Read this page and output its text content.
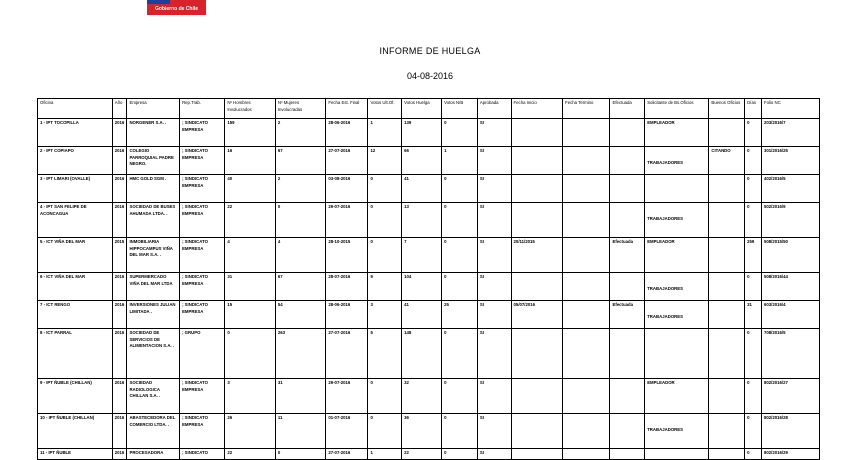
Gobierno de Chile
INFORME DE HUELGA
04-08-2016
Oficina	Año	Empresa	Rep.Trab.	Nº Hombres Involucrados	Nº Mujeres Involucradas	Fecha Est. Final	Votos Ult.Of.	Votos Huelga	Votos N/B	Aprobada	Fecha Inicio	Fecha Termino	Efectuada	Solicitante de Bs.Oficios	Buenos Oficios	Días	Folio NC
1 - IPT TOCOPILLA	2016	NORGENER S.A. .	; SINDICATO EMPRESA	159	2	28-06-2016	1	139	0	SI				EMPLEADOR		0	203/2016/7
2 - IPT COPIAPO	2016	COLEGIO PARROQUIAL PADRE NEGRO.	; SINDICATO EMPRESA	16	67	27-07-2016	12	66	1	SI				TRABAJADORES	CITANDO	0	301/2016/25
3 - IPT LIMARI (OVALLE)	2016	HMC GOLD SGM .	; SINDICATO EMPRESA	40	2	03-08-2016	0	41	0	SI						0	402/2016/5
4 - IPT SAN FELIPE DE ACONCAGUA	2016	SOCIEDAD DE BUSES AHUMADA LTDA. .	; SINDICATO EMPRESA	22	0	29-07-2016	0	13	0	SI				TRABAJADORES		0	502/2016/9
5 - ICT VIÑA DEL MAR	2015	INMOBILIARIA HIPPOCAMPUS VIÑA DEL MAR S.A. .	; SINDICATO EMPRESA	4	4	28-10-2015	0	7	0	SI	20/11/2015		Efectuada	EMPLEADOR		259	508/2015/50
6 - ICT VIÑA DEL MAR	2016	SUPERMERCADO VIÑA DEL MAR LTDA	; SINDICATO EMPRESA	31	67	28-07-2016	9	104	0	SI				TRABAJADORES		0	508/2016/44
7 - ICT RENGO	2016	INVERSIONES JULIAN LIMITADA .	; SINDICATO EMPRESA	15	54	28-06-2016	3	41	25	SI	05/07/2016		Efectuada	TRABAJADORES		31	603/2016/4
8 - ICT PARRAL	2016	SOCIEDAD DE SERVICIOS DE ALIMENTACION S.A. .	; GRUPO	0	263	27-07-2016	5	148	0	SI						0	708/2016/5
9 - IPT ÑUBLE (CHILLAN)	2016	SOCIEDAD RADIOLOGICA CHILLAN S.A. .	; SINDICATO EMPRESA	3	31	29-07-2016	0	32	0	SI				EMPLEADOR		0	802/2016/27
10 - IPT ÑUBLE (CHILLAN)	2016	ABASTECEDORA DEL COMERCIO LTDA. .	; SINDICATO EMPRESA	26	11	01-07-2016	0	36	0	SI				TRABAJADORES		0	802/2016/28
11 - IPT ÑUBLE	2016	PROCESADORA	; SINDICATO	22	0	27-07-2016	1	22	0	SI						0	802/2016/29
